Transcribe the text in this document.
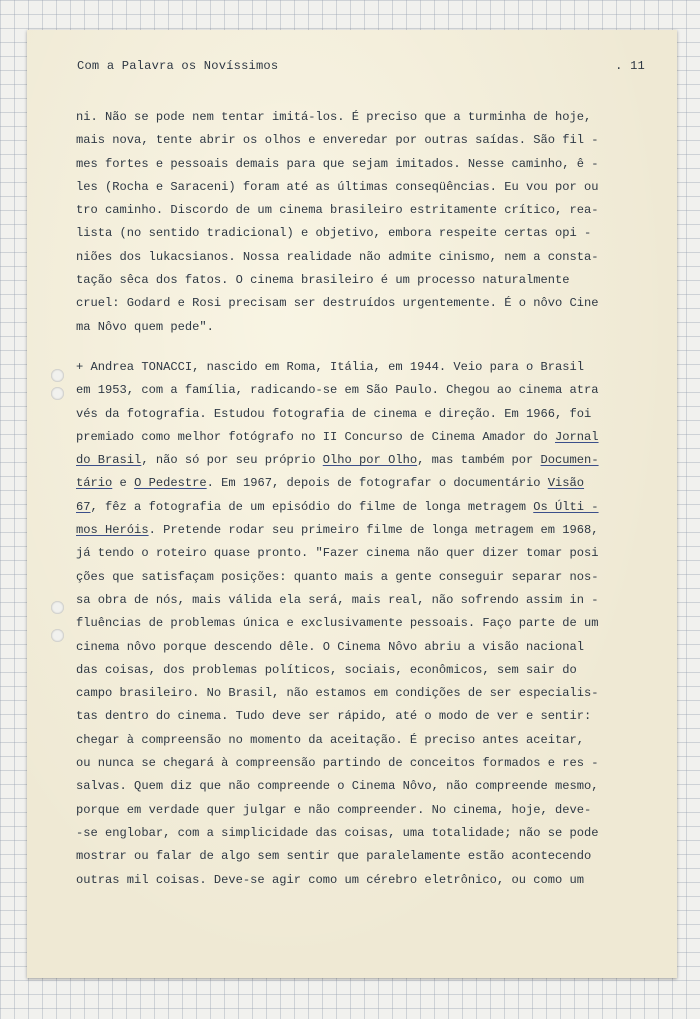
Com a Palavra os Novíssimos	. 11
ni. Não se pode nem tentar imitá-los. É preciso que a turminha de hoje,
mais nova, tente abrir os olhos e enveredar por outras saídas. São fil -
mes fortes e pessoais demais para que sejam imitados. Nesse caminho, ê -
les (Rocha e Saraceni) foram até as últimas conseqüências. Eu vou por ou
tro caminho. Discordo de um cinema brasileiro estritamente crítico, rea-
lista (no sentido tradicional) e objetivo, embora respeite certas opi -
niões dos lukacsianos. Nossa realidade não admite cinismo, nem a consta-
tação sêca dos fatos. O cinema brasileiro é um processo naturalmente
cruel: Godard e Rosi precisam ser destruídos urgentemente. É o nôvo Cine
ma Nôvo quem pede".
+ Andrea TONACCI, nascido em Roma, Itália, em 1944. Veio para o Brasil
em 1953, com a família, radicando-se em São Paulo. Chegou ao cinema atra
vés da fotografia. Estudou fotografia de cinema e direção. Em 1966, foi
premiado como melhor fotógrafo no II Concurso de Cinema Amador do Jornal
do Brasil, não só por seu próprio Olho por Olho, mas também por Documen-
tário e O Pedestre. Em 1967, depois de fotografar o documentário Visão
67, fêz a fotografia de um episódio do filme de longa metragem Os Últi -
mos Heróis. Pretende rodar seu primeiro filme de longa metragem em 1968,
já tendo o roteiro quase pronto. "Fazer cinema não quer dizer tomar posi
ções que satisfaçam posições: quanto mais a gente conseguir separar nos-
sa obra de nós, mais válida ela será, mais real, não sofrendo assim in -
fluências de problemas única e exclusivamente pessoais. Faço parte de um
cinema nôvo porque descendo dêle. O Cinema Nôvo abriu a visão nacional
das coisas, dos problemas políticos, sociais, econômicos, sem sair do
campo brasileiro. No Brasil, não estamos em condições de ser especialis-
tas dentro do cinema. Tudo deve ser rápido, até o modo de ver e sentir:
chegar à compreensão no momento da aceitação. É preciso antes aceitar,
ou nunca se chegará à compreensão partindo de conceitos formados e res -
salvas. Quem diz que não compreende o Cinema Nôvo, não compreende mesmo,
porque em verdade quer julgar e não compreender. No cinema, hoje, deve-
-se englobar, com a simplicidade das coisas, uma totalidade; não se pode
mostrar ou falar de algo sem sentir que paralelamente estão acontecendo
outras mil coisas. Deve-se agir como um cérebro eletrônico, ou como um
